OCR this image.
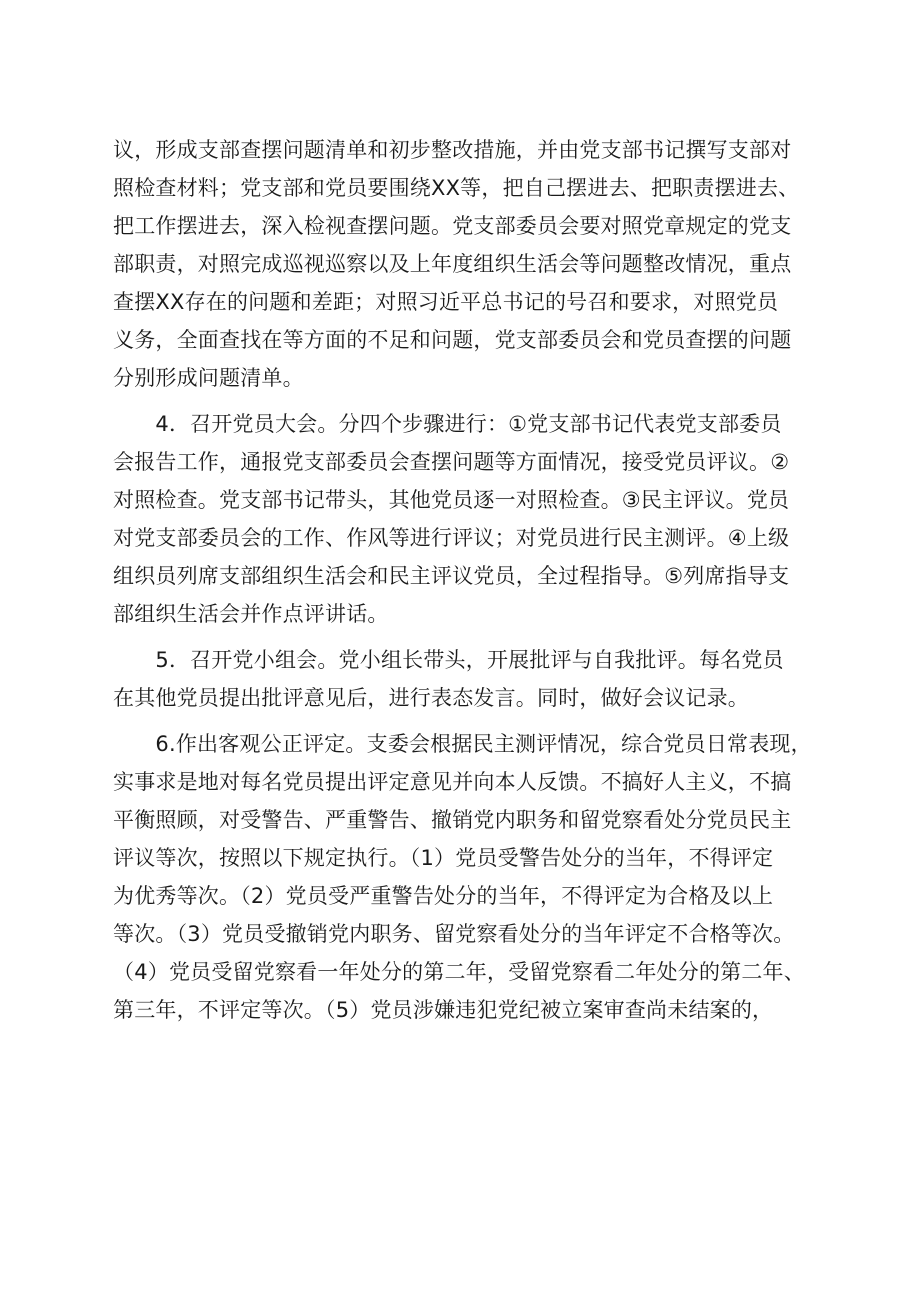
议，形成支部查摆问题清单和初步整改措施，并由党支部书记撰写支部对
照检查材料；党支部和党员要围绕XX等，把自己摆进去、把职责摆进去、
把工作摆进去，深入检视查摆问题。党支部委员会要对照党章规定的党支
部职责，对照完成巡视巡察以及上年度组织生活会等问题整改情况，重点
查摆XX存在的问题和差距；对照习近平总书记的号召和要求，对照党员
义务，全面查找在等方面的不足和问题，党支部委员会和党员查摆的问题
分别形成问题清单。

　　4．召开党员大会。分四个步骤进行：①党支部书记代表党支部委员
会报告工作，通报党支部委员会查摆问题等方面情况，接受党员评议。②
对照检查。党支部书记带头，其他党员逐一对照检查。③民主评议。党员
对党支部委员会的工作、作风等进行评议；对党员进行民主测评。④上级
组织员列席支部组织生活会和民主评议党员，全过程指导。⑤列席指导支
部组织生活会并作点评讲话。

　　5．召开党小组会。党小组长带头，开展批评与自我批评。每名党员
在其他党员提出批评意见后，进行表态发言。同时，做好会议记录。

　　6.作出客观公正评定。支委会根据民主测评情况，综合党员日常表现，
实事求是地对每名党员提出评定意见并向本人反馈。不搞好人主义，不搞
平衡照顾，对受警告、严重警告、撤销党内职务和留党察看处分党员民主
评议等次，按照以下规定执行。（1）党员受警告处分的当年，不得评定
为优秀等次。（2）党员受严重警告处分的当年，不得评定为合格及以上
等次。（3）党员受撤销党内职务、留党察看处分的当年评定不合格等次。
（4）党员受留党察看一年处分的第二年，受留党察看二年处分的第二年、
第三年，不评定等次。（5）党员涉嫌违犯党纪被立案审查尚未结案的，
